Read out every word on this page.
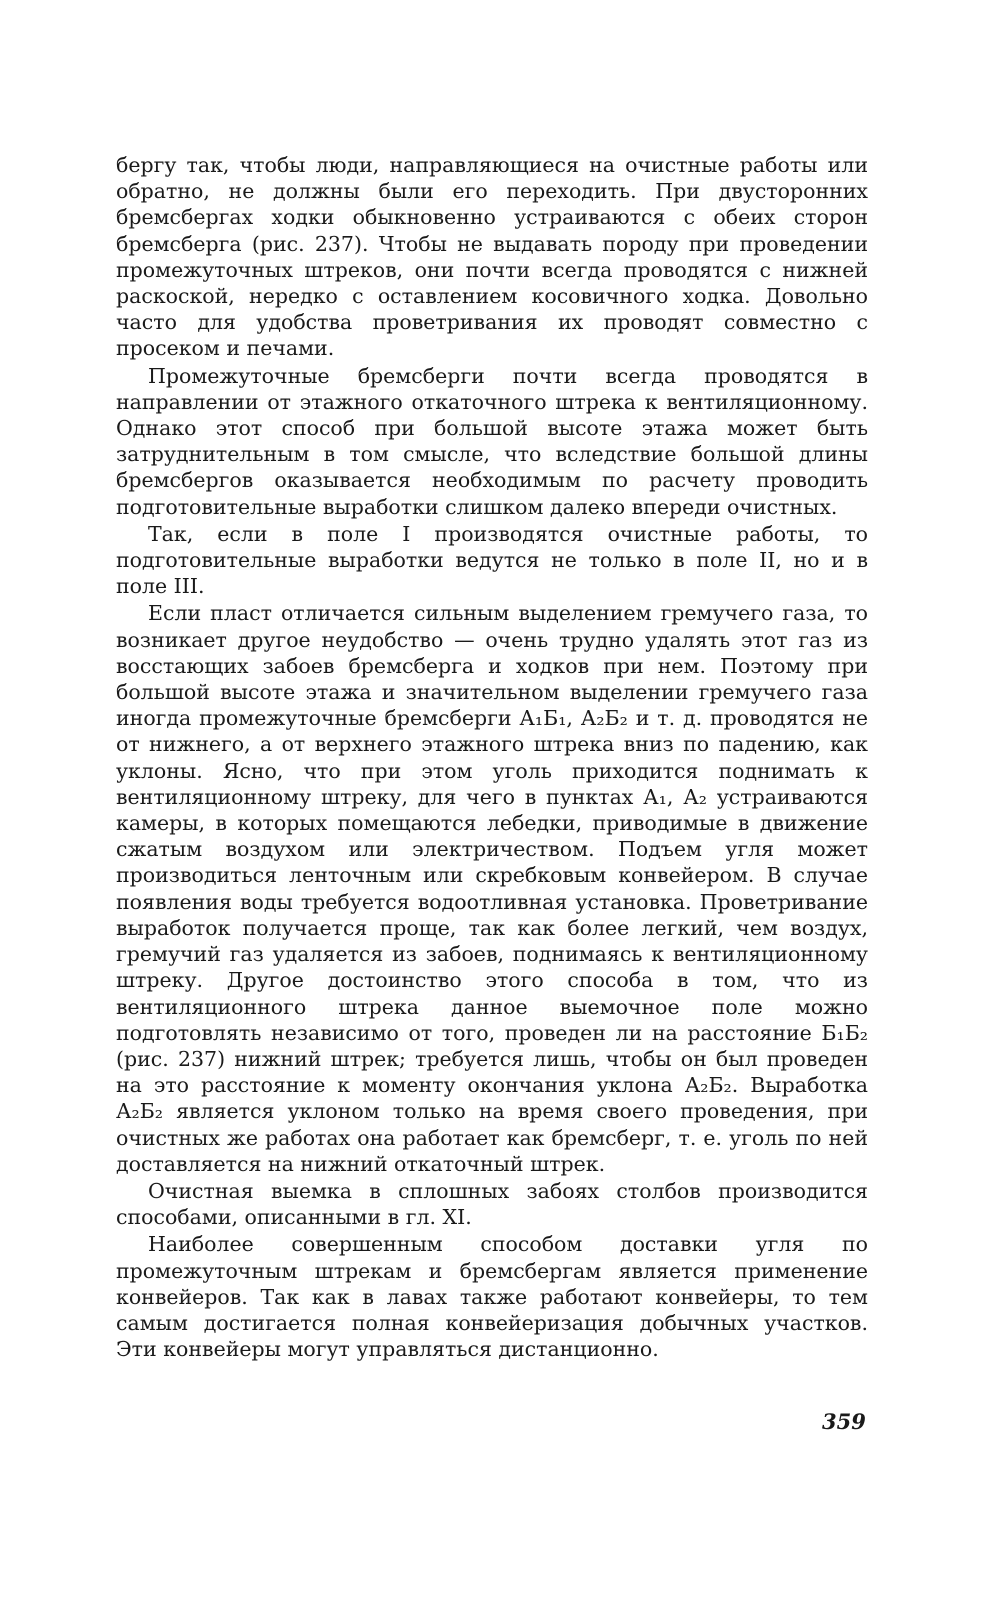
бергу так, чтобы люди, направляющиеся на очистные работы или обратно, не должны были его переходить. При двусторонних бремсбергах ходки обыкновенно устраиваются с обеих сторон бремсберга (рис. 237). Чтобы не выдавать породу при проведении промежуточных штреков, они почти всегда проводятся с нижней раскоской, нередко с оставлением косовичного ходка. Довольно часто для удобства проветривания их проводят совместно с просеком и печами.

Промежуточные бремсберги почти всегда проводятся в направлении от этажного откаточного штрека к вентиляционному. Однако этот способ при большой высоте этажа может быть затруднительным в том смысле, что вследствие большой длины бремсбергов оказывается необходимым по расчету проводить подготовительные выработки слишком далеко впереди очистных.

Так, если в поле I производятся очистные работы, то подготовительные выработки ведутся не только в поле II, но и в поле III.

Если пласт отличается сильным выделением гремучего газа, то возникает другое неудобство — очень трудно удалять этот газ из восстающих забоев бремсберга и ходков при нем. Поэтому при большой высоте этажа и значительном выделении гремучего газа иногда промежуточные бремсберги А₁Б₁, А₂Б₂ и т. д. проводятся не от нижнего, а от верхнего этажного штрека вниз по падению, как уклоны. Ясно, что при этом уголь приходится поднимать к вентиляционному штреку, для чего в пунктах А₁, А₂ устраиваются камеры, в которых помещаются лебедки, приводимые в движение сжатым воздухом или электричеством. Подъем угля может производиться ленточным или скребковым конвейером. В случае появления воды требуется водоотливная установка. Проветривание выработок получается проще, так как более легкий, чем воздух, гремучий газ удаляется из забоев, поднимаясь к вентиляционному штреку. Другое достоинство этого способа в том, что из вентиляционного штрека данное выемочное поле можно подготовлять независимо от того, проведен ли на расстояние Б₁Б₂ (рис. 237) нижний штрек; требуется лишь, чтобы он был проведен на это расстояние к моменту окончания уклона А₂Б₂. Выработка А₂Б₂ является уклоном только на время своего проведения, при очистных же работах она работает как бремсберг, т. е. уголь по ней доставляется на нижний откаточный штрек.

Очистная выемка в сплошных забоях столбов производится способами, описанными в гл. XI.

Наиболее совершенным способом доставки угля по промежуточным штрекам и бремсбергам является применение конвейеров. Так как в лавах также работают конвейеры, то тем самым достигается полная конвейеризация добычных участков. Эти конвейеры могут управляться дистанционно.

359
